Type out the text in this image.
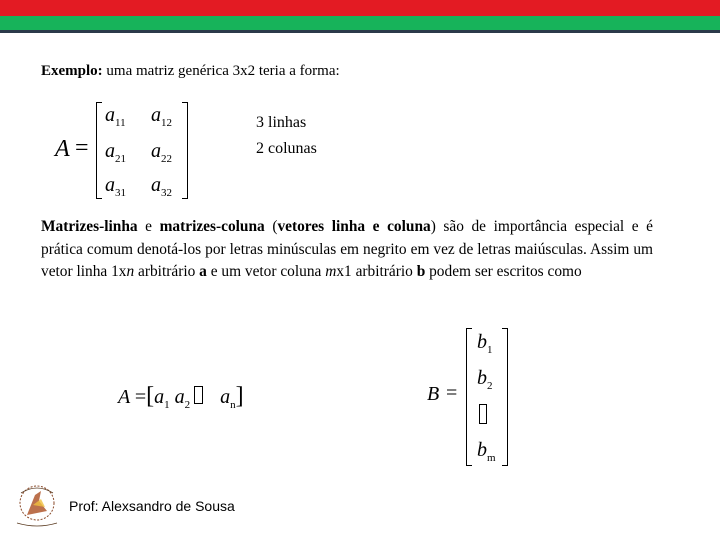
Exemplo: uma matriz genérica 3x2 teria a forma:
A =
$a_{11}$ $a_{12}$
$a_{21}$ $a_{22}$
$a_{31}$ $a_{32}$
3 linhas
2 colunas
Matrizes-linha e matrizes-coluna (vetores linha e coluna) são de importância especial e é prática comum denotá-los por letras minúsculas em negrito em vez de letras maiúsculas. Assim um vetor linha 1xn arbitrário a e um vetor coluna mx1 arbitrário b podem ser escritos como
$A =[a_1$ $a_2$ $a_n$]	B =
$b_1$
$b_2$
$b_m$
Prof: Alexsandro de Sousa
